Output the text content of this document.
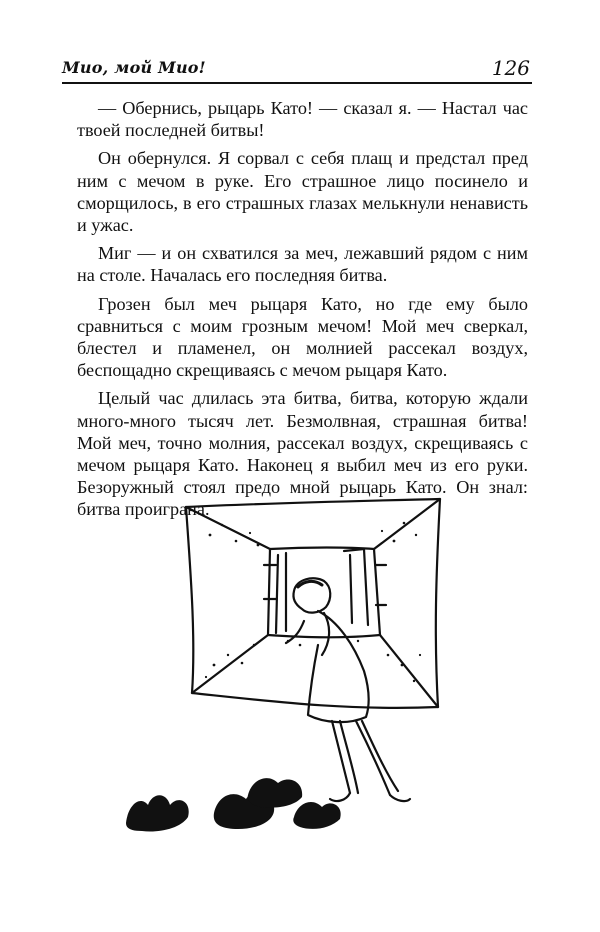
Мио, мой Мио!	126

— Обернись, рыцарь Като! — сказал я. — Настал час твоей последней битвы!

Он обернулся. Я сорвал с себя плащ и предстал пред ним с мечом в руке. Его страшное лицо посинело и сморщилось, в его страшных глазах мелькнули ненависть и ужас.

Миг — и он схватился за меч, лежавший рядом с ним на столе. Началась его последняя битва.

Грозен был меч рыцаря Като, но где ему было сравниться с моим грозным мечом! Мой меч сверкал, блестел и пламенел, он молнией рассекал воздух, беспощадно скрещиваясь с мечом рыцаря Като.

Целый час длилась эта битва, битва, которую ждали много-много тысяч лет. Безмолвная, страшная битва! Мой меч, точно молния, рассекал воздух, скрещиваясь с мечом рыцаря Като. Наконец я выбил меч из его руки. Безоружный стоял предо мной рыцарь Като. Он знал: битва проиграна.
